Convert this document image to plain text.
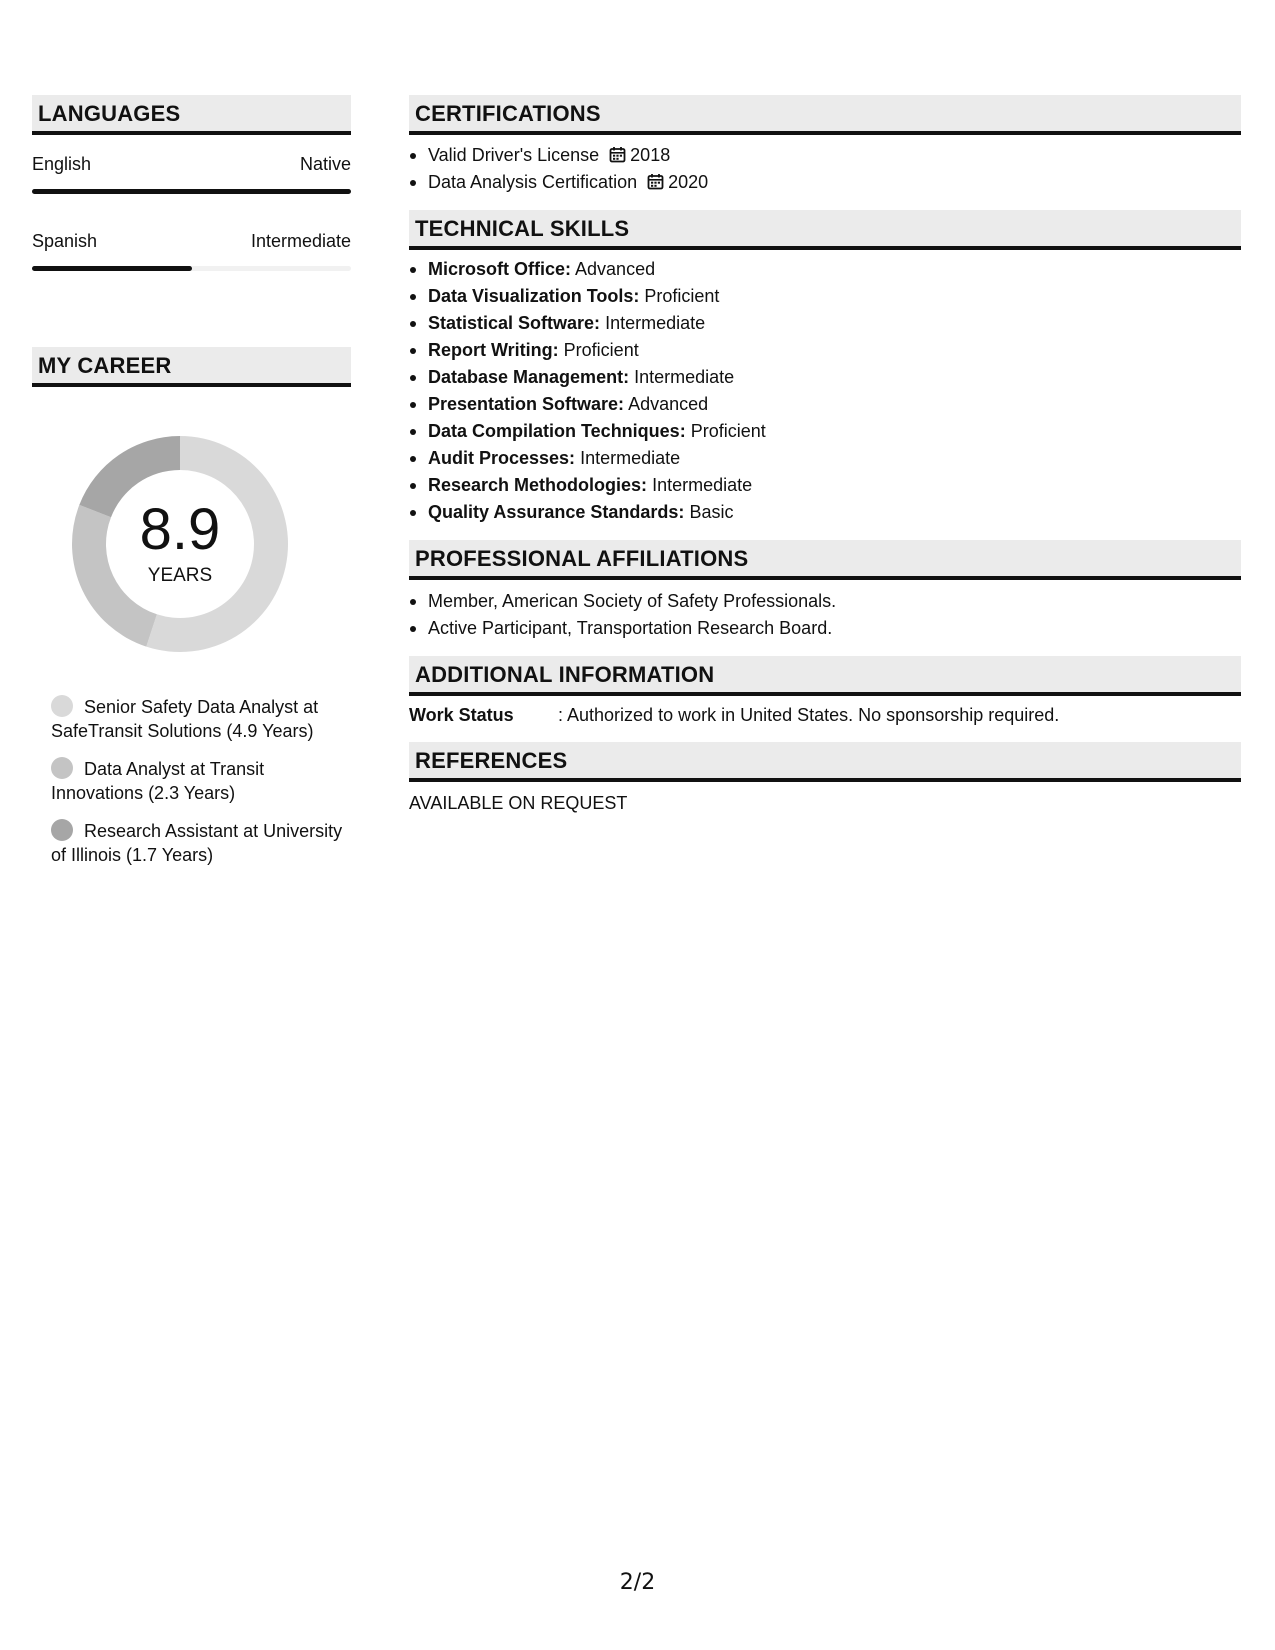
LANGUAGES
English	Native
Spanish	Intermediate
MY CAREER
8.9
YEARS
Senior Safety Data Analyst at SafeTransit Solutions (4.9 Years)
Data Analyst at Transit Innovations (2.3 Years)
Research Assistant at University of Illinois (1.7 Years)
CERTIFICATIONS
Valid Driver's License 2018
Data Analysis Certification 2020
TECHNICAL SKILLS
Microsoft Office: Advanced
Data Visualization Tools: Proficient
Statistical Software: Intermediate
Report Writing: Proficient
Database Management: Intermediate
Presentation Software: Advanced
Data Compilation Techniques: Proficient
Audit Processes: Intermediate
Research Methodologies: Intermediate
Quality Assurance Standards: Basic
PROFESSIONAL AFFILIATIONS
Member, American Society of Safety Professionals.
Active Participant, Transportation Research Board.
ADDITIONAL INFORMATION
Work Status	: Authorized to work in United States. No sponsorship required.
REFERENCES
AVAILABLE ON REQUEST
2/2
